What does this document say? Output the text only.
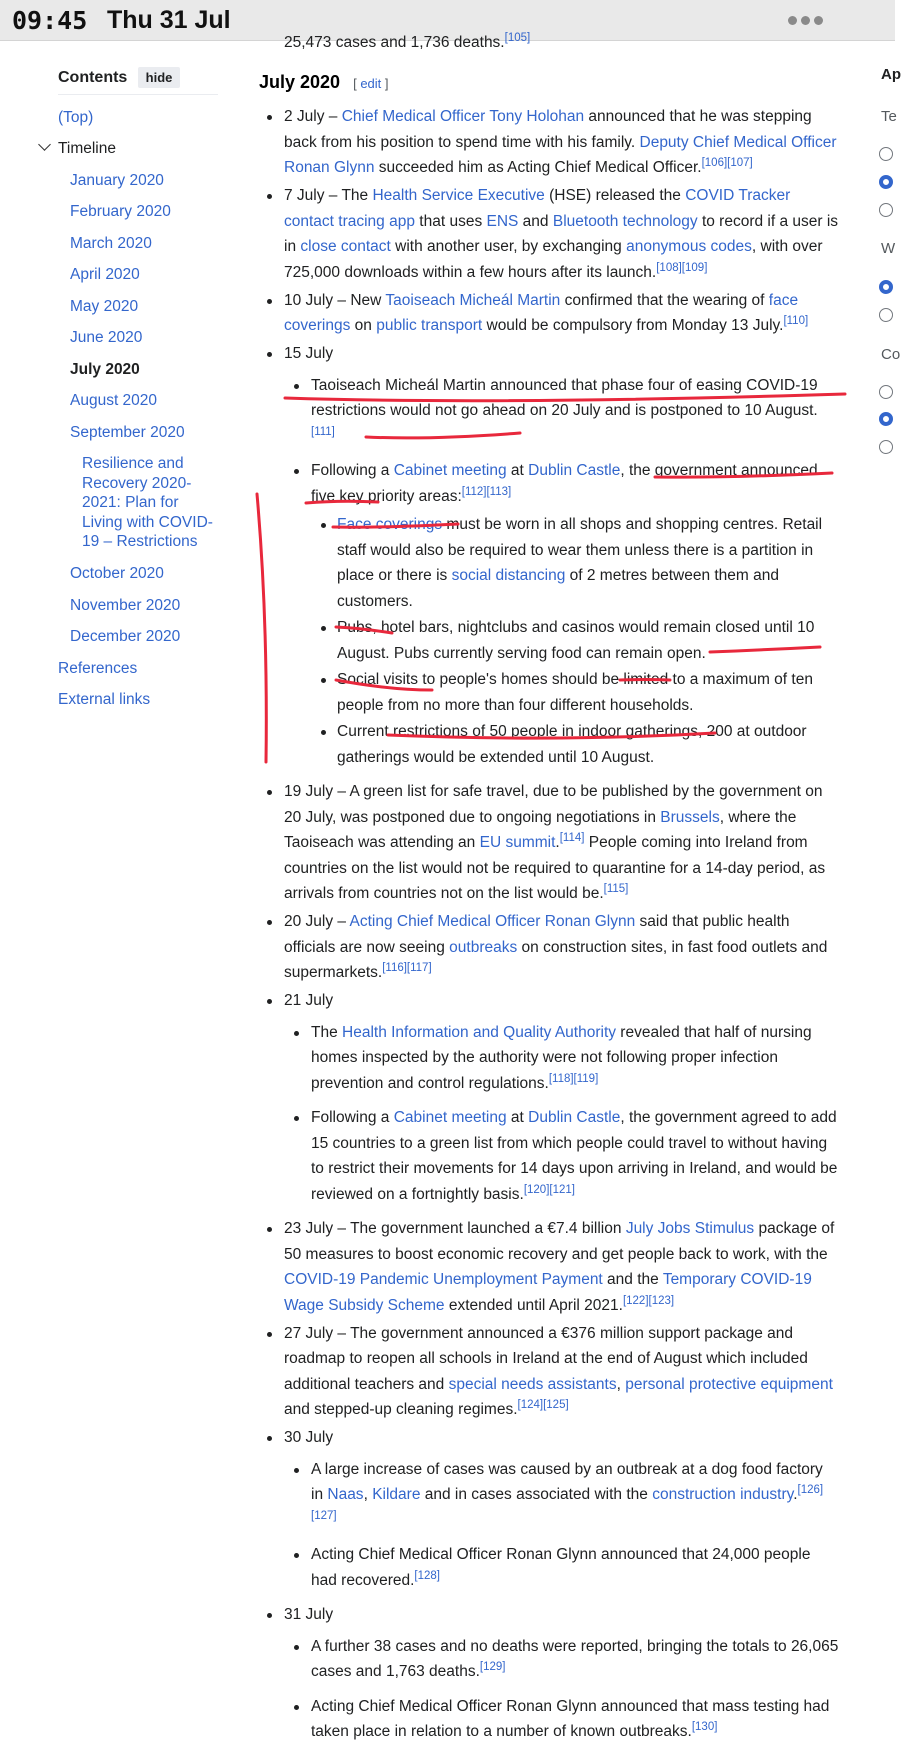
09:45 Thu 31 Jul
Contents hide
(Top)
Timeline
January 2020
February 2020
March 2020
April 2020
May 2020
June 2020
July 2020
August 2020
September 2020
Resilience and
Recovery 2020-
2021: Plan for
Living with COVID-
19 – Restrictions
October 2020
November 2020
December 2020
References
External links
25,473 cases and 1,736 deaths.[105]
July 2020 [ edit ]
2 July – Chief Medical Officer Tony Holohan announced that he was stepping back from his position to spend time with his family. Deputy Chief Medical Officer Ronan Glynn succeeded him as Acting Chief Medical Officer.[106][107]
7 July – The Health Service Executive (HSE) released the COVID Tracker contact tracing app that uses ENS and Bluetooth technology to record if a user is in close contact with another user, by exchanging anonymous codes, with over 725,000 downloads within a few hours after its launch.[108][109]
10 July – New Taoiseach Micheál Martin confirmed that the wearing of face coverings on public transport would be compulsory from Monday 13 July.[110]
15 July
Taoiseach Micheál Martin announced that phase four of easing COVID-19 restrictions would not go ahead on 20 July and is postponed to 10 August.[111]
Following a Cabinet meeting at Dublin Castle, the government announced five key priority areas:[112][113]
Face coverings must be worn in all shops and shopping centres. Retail staff would also be required to wear them unless there is a partition in place or there is social distancing of 2 metres between them and customers.
Pubs, hotel bars, nightclubs and casinos would remain closed until 10 August. Pubs currently serving food can remain open.
Social visits to people's homes should be limited to a maximum of ten people from no more than four different households.
Current restrictions of 50 people in indoor gatherings, 200 at outdoor gatherings would be extended until 10 August.
19 July – A green list for safe travel, due to be published by the government on 20 July, was postponed due to ongoing negotiations in Brussels, where the Taoiseach was attending an EU summit.[114] People coming into Ireland from countries on the list would not be required to quarantine for a 14-day period, as arrivals from countries not on the list would be.[115]
20 July – Acting Chief Medical Officer Ronan Glynn said that public health officials are now seeing outbreaks on construction sites, in fast food outlets and supermarkets.[116][117]
21 July
The Health Information and Quality Authority revealed that half of nursing homes inspected by the authority were not following proper infection prevention and control regulations.[118][119]
Following a Cabinet meeting at Dublin Castle, the government agreed to add 15 countries to a green list from which people could travel to without having to restrict their movements for 14 days upon arriving in Ireland, and would be reviewed on a fortnightly basis.[120][121]
23 July – The government launched a €7.4 billion July Jobs Stimulus package of 50 measures to boost economic recovery and get people back to work, with the COVID-19 Pandemic Unemployment Payment and the Temporary COVID-19 Wage Subsidy Scheme extended until April 2021.[122][123]
27 July – The government announced a €376 million support package and roadmap to reopen all schools in Ireland at the end of August which included additional teachers and special needs assistants, personal protective equipment and stepped-up cleaning regimes.[124][125]
30 July
A large increase of cases was caused by an outbreak at a dog food factory in Naas, Kildare and in cases associated with the construction industry.[126] [127]
Acting Chief Medical Officer Ronan Glynn announced that 24,000 people had recovered.[128]
31 July
A further 38 cases and no deaths were reported, bringing the totals to 26,065 cases and 1,763 deaths.[129]
Acting Chief Medical Officer Ronan Glynn announced that mass testing had taken place in relation to a number of known outbreaks.[130]
Ap
Te
W
Co
